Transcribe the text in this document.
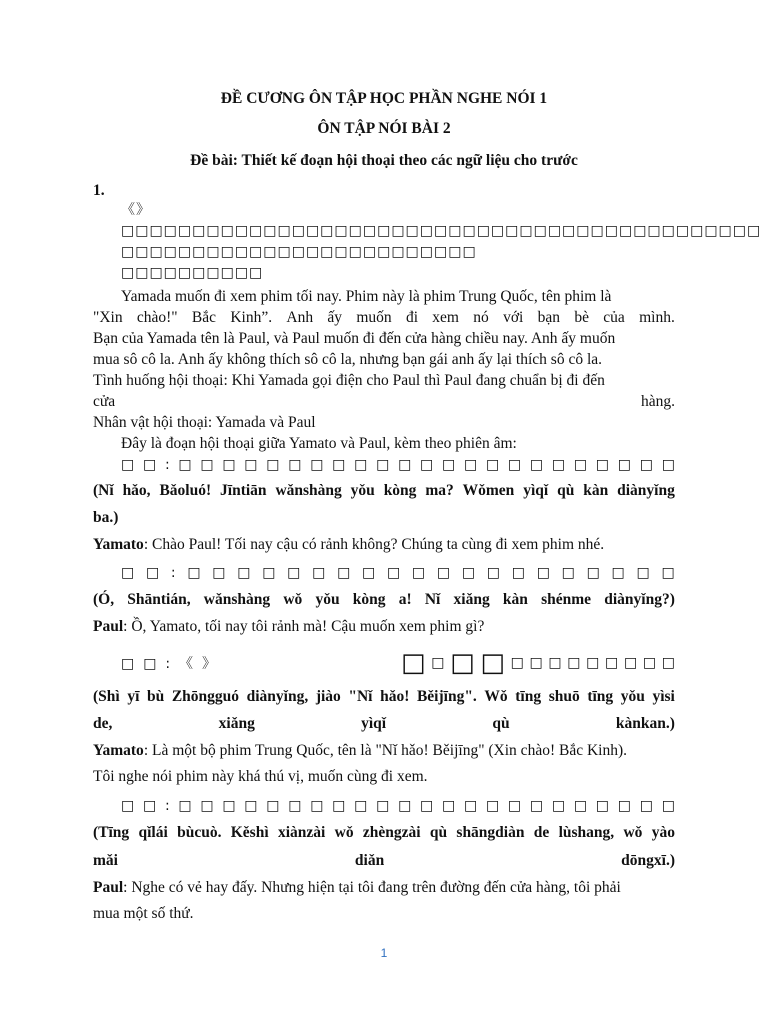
ĐỀ CƯƠNG ÔN TẬP HỌC PHẦN NGHE NÓI 1
ÔN TẬP NÓI BÀI 2
Đề bài: Thiết kế đoạn hội thoại theo các ngữ liệu cho trước
1.
《》
□□□□□□□□□□□□□□□□□□□□□□□□□□□□□□□□□□□□□□□□□□□□□
□□□□□□□□□□□□□□□□□□□□□□□□□
□□□□□□□□□□
Yamada muốn đi xem phim tối nay. Phim này là phim Trung Quốc, tên phim là
"Xin chào!" Bắc Kinh”. Anh ấy muốn đi xem nó với bạn bè của mình.
Bạn của Yamada tên là Paul, và Paul muốn đi đến cửa hàng chiều nay. Anh ấy muốn
mua sô cô la. Anh ấy không thích sô cô la, nhưng bạn gái anh ấy lại thích sô cô la.
Tình huống hội thoại: Khi Yamada gọi điện cho Paul thì Paul đang chuẩn bị đi đến
cửa	hàng.
Nhân vật hội thoại: Yamada và Paul
Đây là đoạn hội thoại giữa Yamato và Paul, kèm theo phiên âm:
□ □ : □ □ □ □ □ □ □ □ □ □ □ □ □ □ □ □ □ □ □ □ □ □ □
(Nǐ hǎo, Bǎoluó! Jīntiān wǎnshàng yǒu kòng ma? Wǒmen yìqǐ qù kàn diànyǐng
ba.)
Yamato: Chào Paul! Tối nay cậu có rảnh không? Chúng ta cùng đi xem phim nhé.
□ □ : □ □ □ □ □ □ □ □ □ □ □ □ □ □ □ □ □ □ □ □
(Ó, Shāntián, wǎnshàng wǒ yǒu kòng a! Nǐ xiǎng kàn shénme diànyǐng?)
Paul: Ồ, Yamato, tối nay tôi rảnh mà! Cậu muốn xem phim gì?
□ □ : 《 》	□ □ □ □ □ □ □ □ □ □ □ □ □
(Shì yī bù Zhōngguó diànyǐng, jiào "Nǐ hǎo! Běijīng". Wǒ tīng shuō tīng yǒu yìsi
de,	xiǎng	yìqǐ	qù	kànkan.)
Yamato: Là một bộ phim Trung Quốc, tên là "Nǐ hǎo! Běijīng" (Xin chào! Bắc Kinh).
Tôi nghe nói phim này khá thú vị, muốn cùng đi xem.
□ □ : □ □ □ □ □ □ □ □ □ □ □ □ □ □ □ □ □ □ □ □ □ □ □
(Tīng qǐlái bùcuò. Kěshì xiànzài wǒ zhèngzài qù shāngdiàn de lùshang, wǒ yào
mǎi	diǎn	dōngxī.)
Paul: Nghe có vẻ hay đấy. Nhưng hiện tại tôi đang trên đường đến cửa hàng, tôi phải
mua một số thứ.
1
